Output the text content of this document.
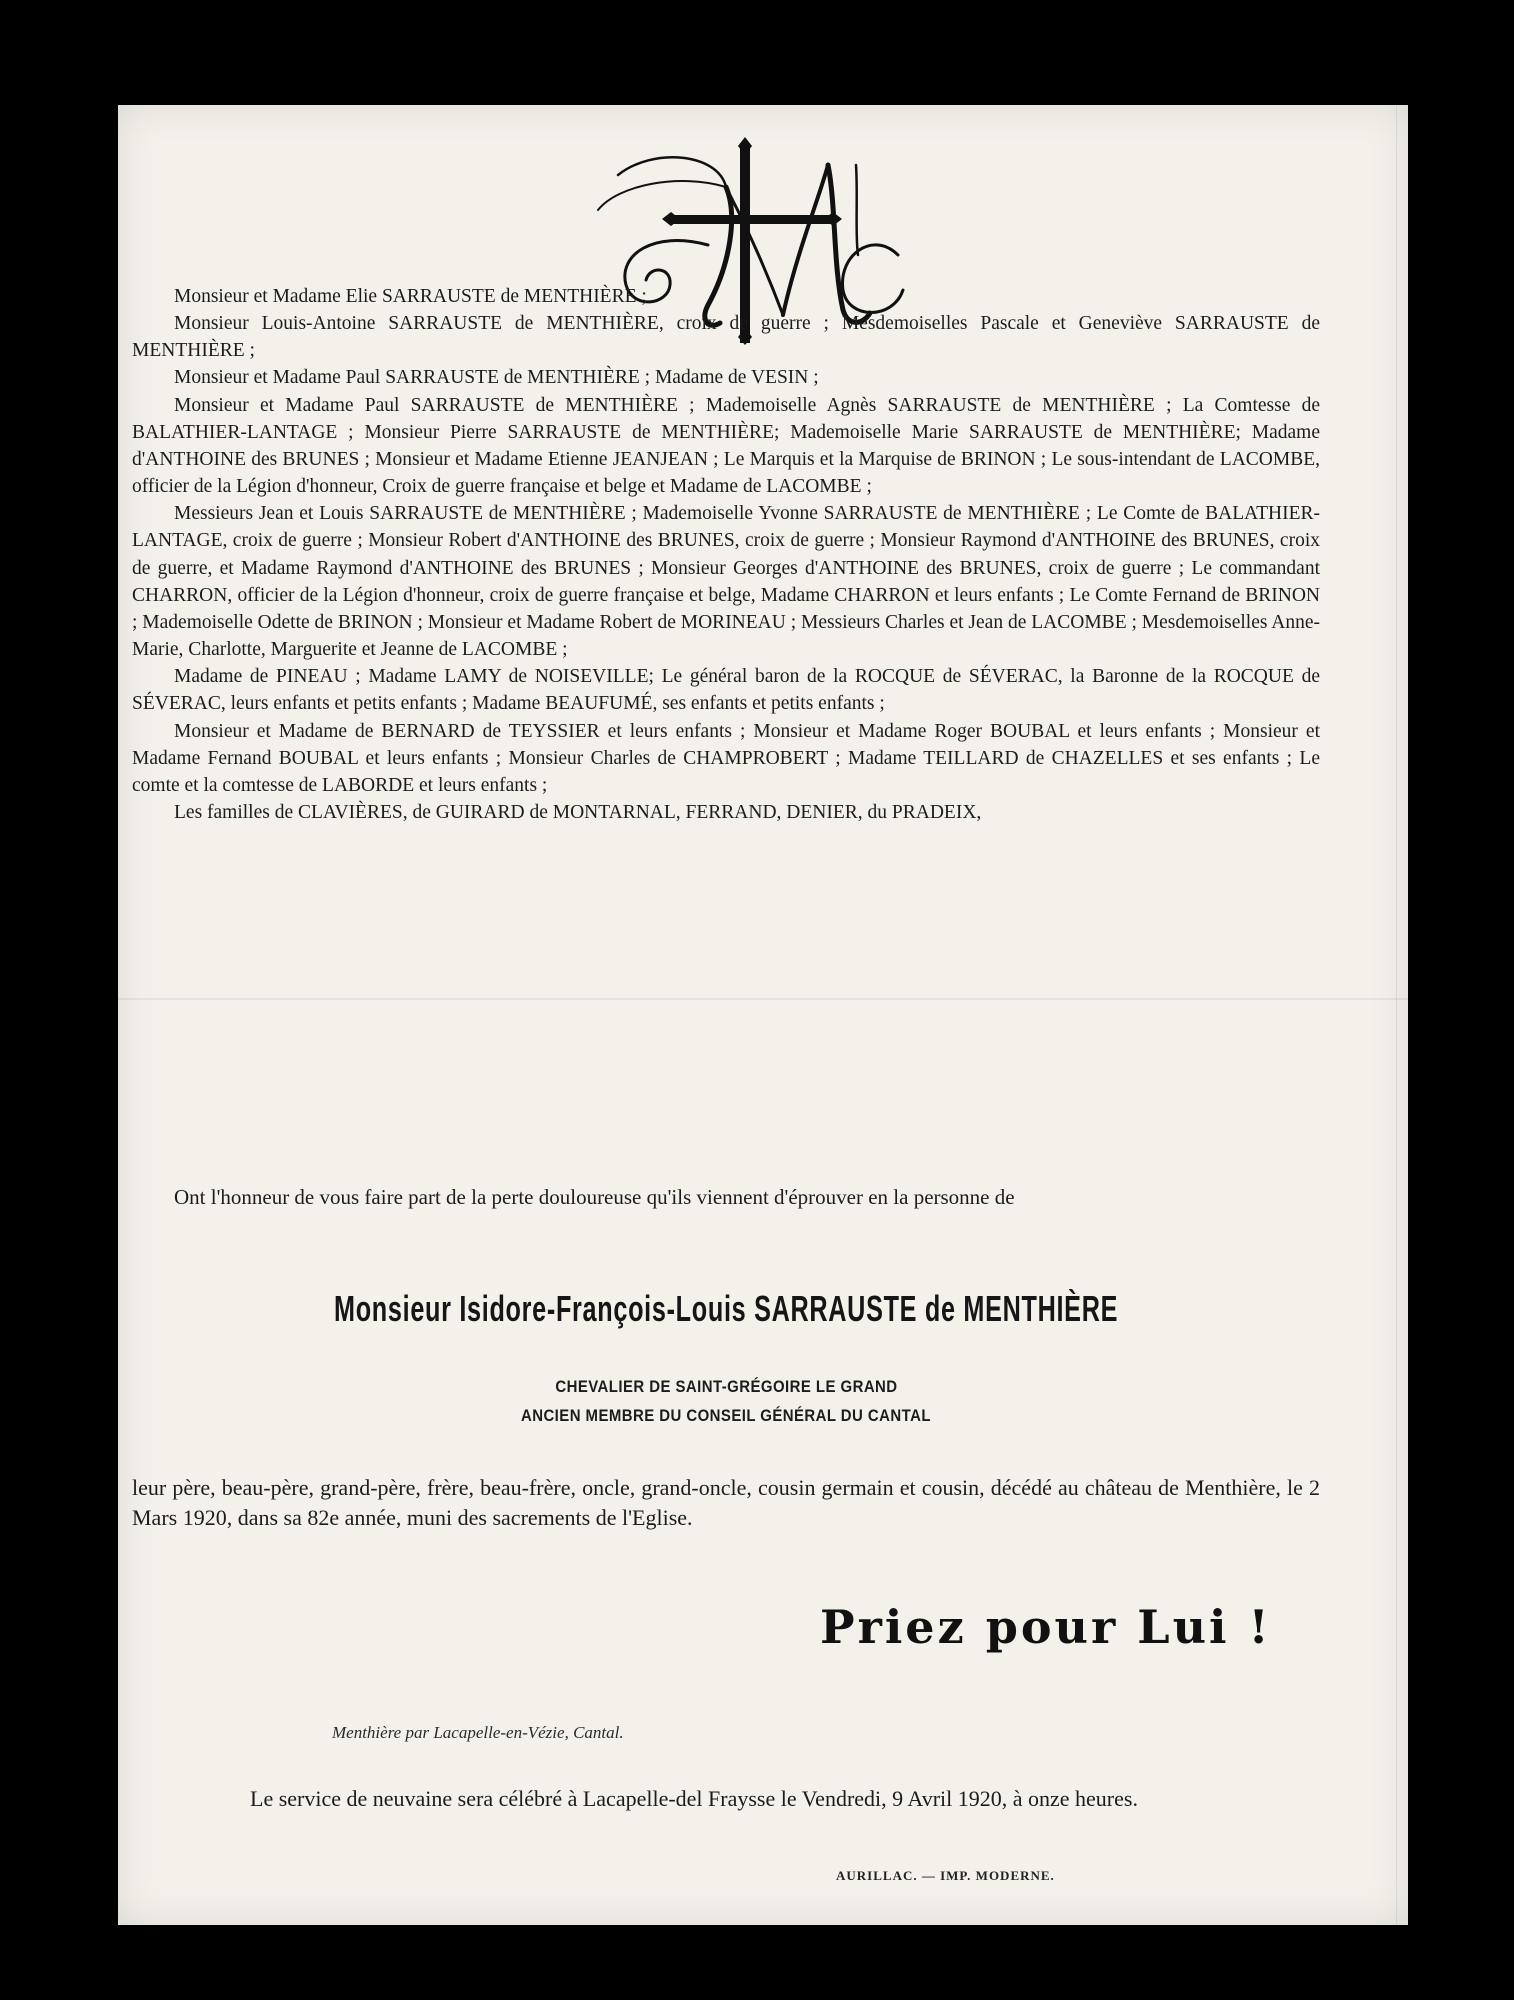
Monsieur et Madame Elie SARRAUSTE de MENTHIÈRE ;

Monsieur Louis-Antoine SARRAUSTE de MENTHIÈRE, croix de guerre ; Mesdemoiselles Pascale et Geneviève SARRAUSTE de MENTHIÈRE ;

Monsieur et Madame Paul SARRAUSTE de MENTHIÈRE ; Madame de VESIN ;

Monsieur et Madame Paul SARRAUSTE de MENTHIÈRE ; Mademoiselle Agnès SARRAUSTE de MENTHIÈRE ; La Comtesse de BALATHIER-LANTAGE ; Monsieur Pierre SARRAUSTE de MENTHIÈRE; Mademoiselle Marie SARRAUSTE de MENTHIÈRE; Madame d'ANTHOINE des BRUNES ; Monsieur et Madame Etienne JEANJEAN ; Le Marquis et la Marquise de BRINON ; Le sous-intendant de LACOMBE, officier de la Légion d'honneur, Croix de guerre française et belge et Madame de LACOMBE ;

Messieurs Jean et Louis SARRAUSTE de MENTHIÈRE ; Mademoiselle Yvonne SARRAUSTE de MENTHIÈRE ; Le Comte de BALATHIER-LANTAGE, croix de guerre ; Monsieur Robert d'ANTHOINE des BRUNES, croix de guerre ; Monsieur Raymond d'ANTHOINE des BRUNES, croix de guerre, et Madame Raymond d'ANTHOINE des BRUNES ; Monsieur Georges d'ANTHOINE des BRUNES, croix de guerre ; Le commandant CHARRON, officier de la Légion d'honneur, croix de guerre française et belge, Madame CHARRON et leurs enfants ; Le Comte Fernand de BRINON ; Mademoiselle Odette de BRINON ; Monsieur et Madame Robert de MORINEAU ; Messieurs Charles et Jean de LACOMBE ; Mesdemoiselles Anne-Marie, Charlotte, Marguerite et Jeanne de LACOMBE ;

Madame de PINEAU ; Madame LAMY de NOISEVILLE; Le général baron de la ROCQUE de SÉVERAC, la Baronne de la ROCQUE de SÉVERAC, leurs enfants et petits enfants ; Madame BEAUFUMÉ, ses enfants et petits enfants ;

Monsieur et Madame de BERNARD de TEYSSIER et leurs enfants ; Monsieur et Madame Roger BOUBAL et leurs enfants ; Monsieur et Madame Fernand BOUBAL et leurs enfants ; Monsieur Charles de CHAMPROBERT ; Madame TEILLARD de CHAZELLES et ses enfants ; Le comte et la comtesse de LABORDE et leurs enfants ;

Les familles de CLAVIÈRES, de GUIRARD de MONTARNAL, FERRAND, DENIER, du PRADEIX,

Ont l'honneur de vous faire part de la perte douloureuse qu'ils viennent d'éprouver en la personne de

Monsieur Isidore-François-Louis SARRAUSTE de MENTHIÈRE
CHEVALIER DE SAINT-GRÉGOIRE LE GRAND
ANCIEN MEMBRE DU CONSEIL GÉNÉRAL DU CANTAL

leur père, beau-père, grand-père, frère, beau-frère, oncle, grand-oncle, cousin germain et cousin, décédé au château de Menthière, le 2 Mars 1920, dans sa 82e année, muni des sacrements de l'Eglise.

Priez pour Lui !
Menthière par Lacapelle-en-Vézie, Cantal.

Le service de neuvaine sera célébré à Lacapelle-del Fraysse le Vendredi, 9 Avril 1920, à onze heures.

AURILLAC. — IMP. MODERNE.
